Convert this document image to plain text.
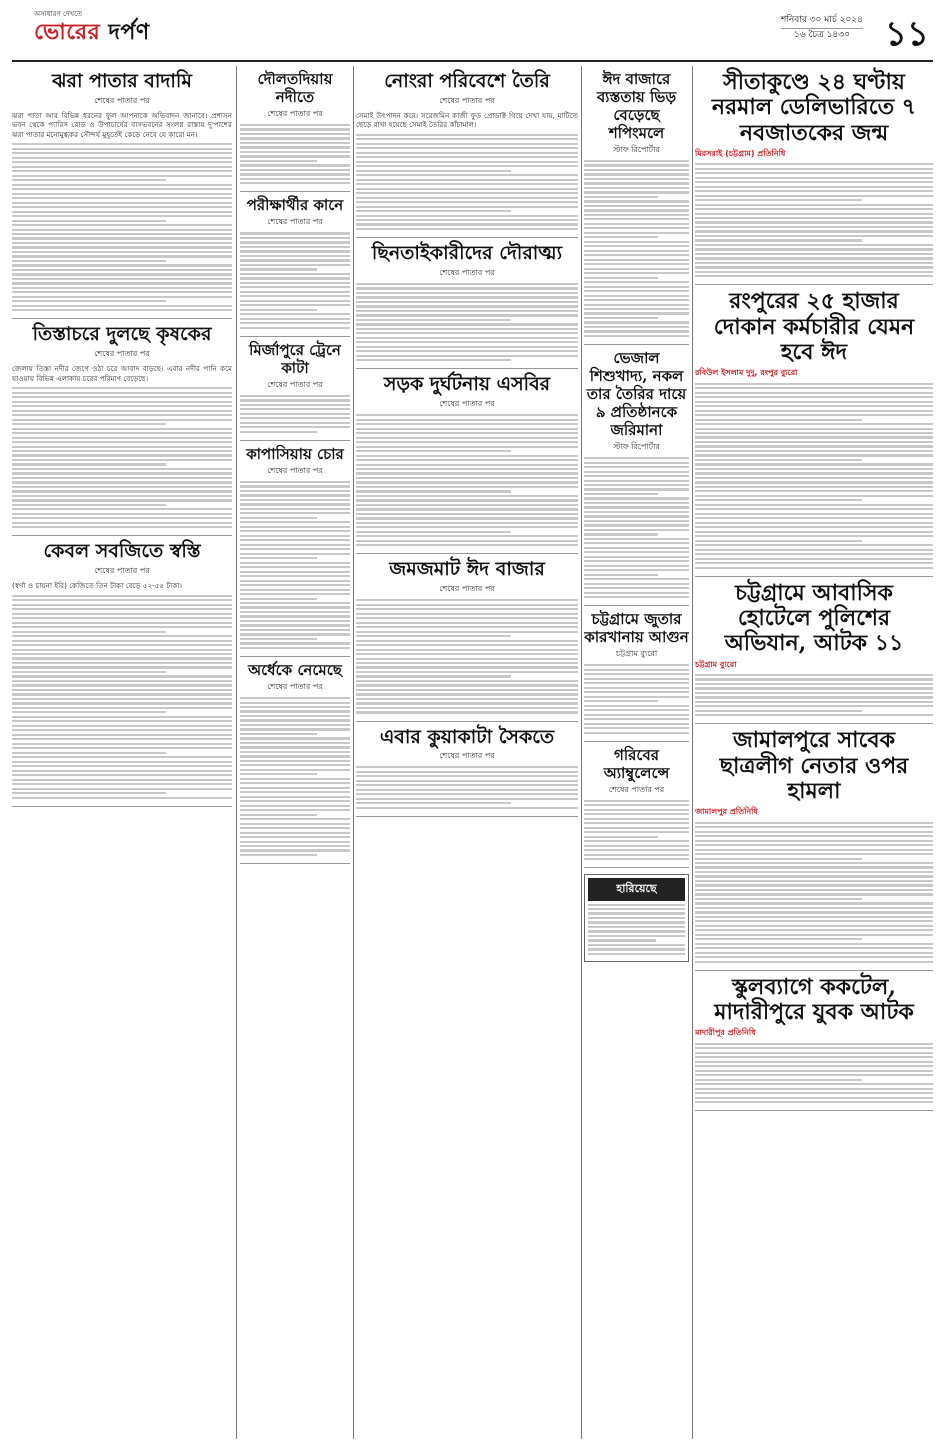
অসাধারণ দেখতে
ভোরের দর্পণ	শনিবার ৩০ মার্চ ২০২৪
১৬ চৈত্র ১৪৩০	১১
ঝরা পাতার বাদামি
শেষের পাতার পর

ঝরা পাতা আর বিভিন্ন ধরনের ফুল আপনাকে অভিবাদন জানাবে। প্রশাসন ভবন থেকে প্যারিস রোড ও উপাচার্যের বাসভবনের সংলগ্ন রাস্তায় দু'পাশের ঝরা পাতার মনোমুগ্ধকর সৌন্দর্য মুহূর্তেই কেড়ে নেবে যে কারো মন।

তিস্তাচরে দুলছে কৃষকের
শেষের পাতার পর

জেলায় তিস্তা নদীর জেগে ওঠা চরে আবাদ বাড়ছে। এবার নদীর পানি কমে যাওয়ায় বিভিন্ন এলাকায় চরের পরিমাণ বেড়েছে।

কেবল সবজিতে স্বস্তি
শেষের পাতার পর

(স্বর্ণা ও চায়না ইরি) কেজিতে তিন টাকা বেড়ে ৫২-৫৫ টাকা।

দৌলতদিয়ায় নদীতে
শেষের পাতার পর
পরীক্ষার্থীর কানে
শেষের পাতার পর
মির্জাপুরে ট্রেনে কাটা
শেষের পাতার পর
কাপাসিয়ায় চোর
শেষের পাতার পর
অর্ধেকে নেমেছে
শেষের পাতার পর
নোংরা পরিবেশে তৈরি
শেষের পাতার পর

সেমাই উৎপাদন করে। সরেজমিন কাজী ফুড প্রোডাক্ট গিয়ে দেখা যায়, মাটিতে ছেড়ে রাখা হয়েছে সেমাই তৈরির কাঁচামাল।

ছিনতাইকারীদের দৌরাত্ম্য
শেষের পাতার পর
সড়ক দুর্ঘটনায় এসবির
শেষের পাতার পর
জমজমাট ঈদ বাজার
শেষের পাতার পর
এবার কুয়াকাটা সৈকতে
শেষের পাতার পর
ঈদ বাজারে ব্যস্ততায় ভিড় বেড়েছে শপিংমলে
স্টাফ রিপোর্টার
ভেজাল শিশুখাদ্য, নকল তার তৈরির দায়ে ৯ প্রতিষ্ঠানকে জরিমানা
স্টাফ রিপোর্টার
চট্টগ্রামে জুতার কারখানায় আগুন
চট্টগ্রাম ব্যুরো
গরিবের অ্যাম্বুলেন্সে
শেষের পাতার পর
হারিয়েছে
সীতাকুণ্ডে ২৪ ঘণ্টায় নরমাল ডেলিভারিতে ৭ নবজাতকের জন্ম
মিরসরাই (চট্টগ্রাম) প্রতিনিধি
রংপুরের ২৫ হাজার দোকান কর্মচারীর যেমন হবে ঈদ
রবিউল ইসলাম দুদু, রংপুর ব্যুরো
চট্টগ্রামে আবাসিক হোটেলে পুলিশের অভিযান, আটক ১১
চট্টগ্রাম ব্যুরো
জামালপুরে সাবেক ছাত্রলীগ নেতার ওপর হামলা
জামালপুর প্রতিনিধি
স্কুলব্যাগে ককটেল, মাদারীপুরে যুবক আটক
মাদারীপুর প্রতিনিধি
